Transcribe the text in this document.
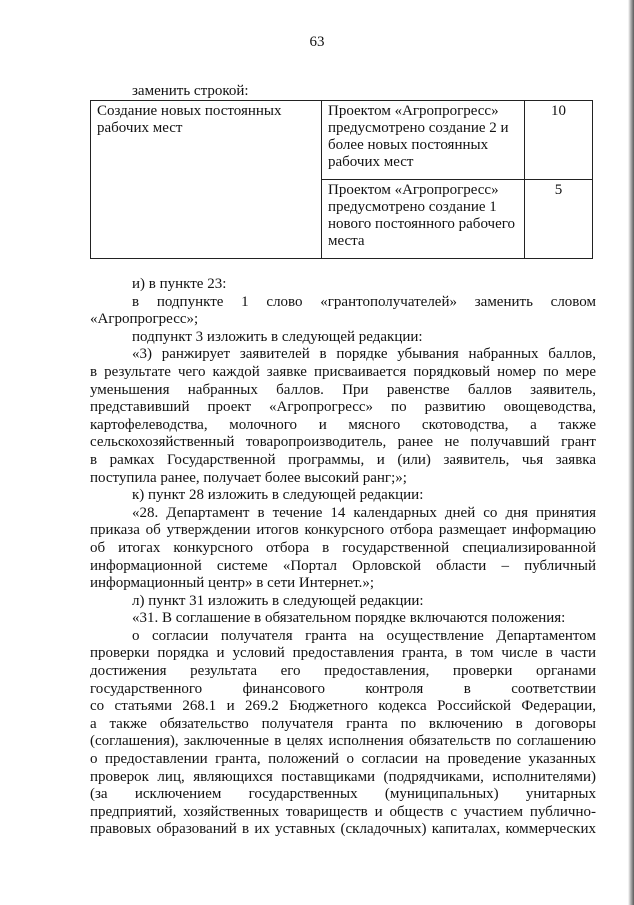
63
заменить строкой:
Создание новых постоянных рабочих мест	Проектом «Агропрогресс» предусмотрено создание 2 и более новых постоянных рабочих мест	10
	Проектом «Агропрогресс» предусмотрено создание 1 нового постоянного рабочего места	5

и) в пункте 23:

в подпункте 1 слово «грантополучателей» заменить словом

«Агропрогресс»;

подпункт 3 изложить в следующей редакции:

«3) ранжирует заявителей в порядке убывания набранных баллов,

в результате чего каждой заявке присваивается порядковый номер по мере

уменьшения набранных баллов. При равенстве баллов заявитель,

представивший проект «Агропрогресс» по развитию овощеводства,

картофелеводства, молочного и мясного скотоводства, а также

сельскохозяйственный товаропроизводитель, ранее не получавший грант

в рамках Государственной программы, и (или) заявитель, чья заявка

поступила ранее, получает более высокий ранг;»;

к) пункт 28 изложить в следующей редакции:

«28. Департамент в течение 14 календарных дней со дня принятия

приказа об утверждении итогов конкурсного отбора размещает информацию

об итогах конкурсного отбора в государственной специализированной

информационной системе «Портал Орловской области – публичный

информационный центр» в сети Интернет.»;

л) пункт 31 изложить в следующей редакции:

«31. В соглашение в обязательном порядке включаются положения:

о согласии получателя гранта на осуществление Департаментом

проверки порядка и условий предоставления гранта, в том числе в части

достижения результата его предоставления, проверки органами

государственного финансового контроля в соответствии

со статьями 268.1 и 269.2 Бюджетного кодекса Российской Федерации,

а также обязательство получателя гранта по включению в договоры

(соглашения), заключенные в целях исполнения обязательств по соглашению

о предоставлении гранта, положений о согласии на проведение указанных

проверок лиц, являющихся поставщиками (подрядчиками, исполнителями)

(за исключением государственных (муниципальных) унитарных

предприятий, хозяйственных товариществ и обществ с участием публично-

правовых образований в их уставных (складочных) капиталах, коммерческих
